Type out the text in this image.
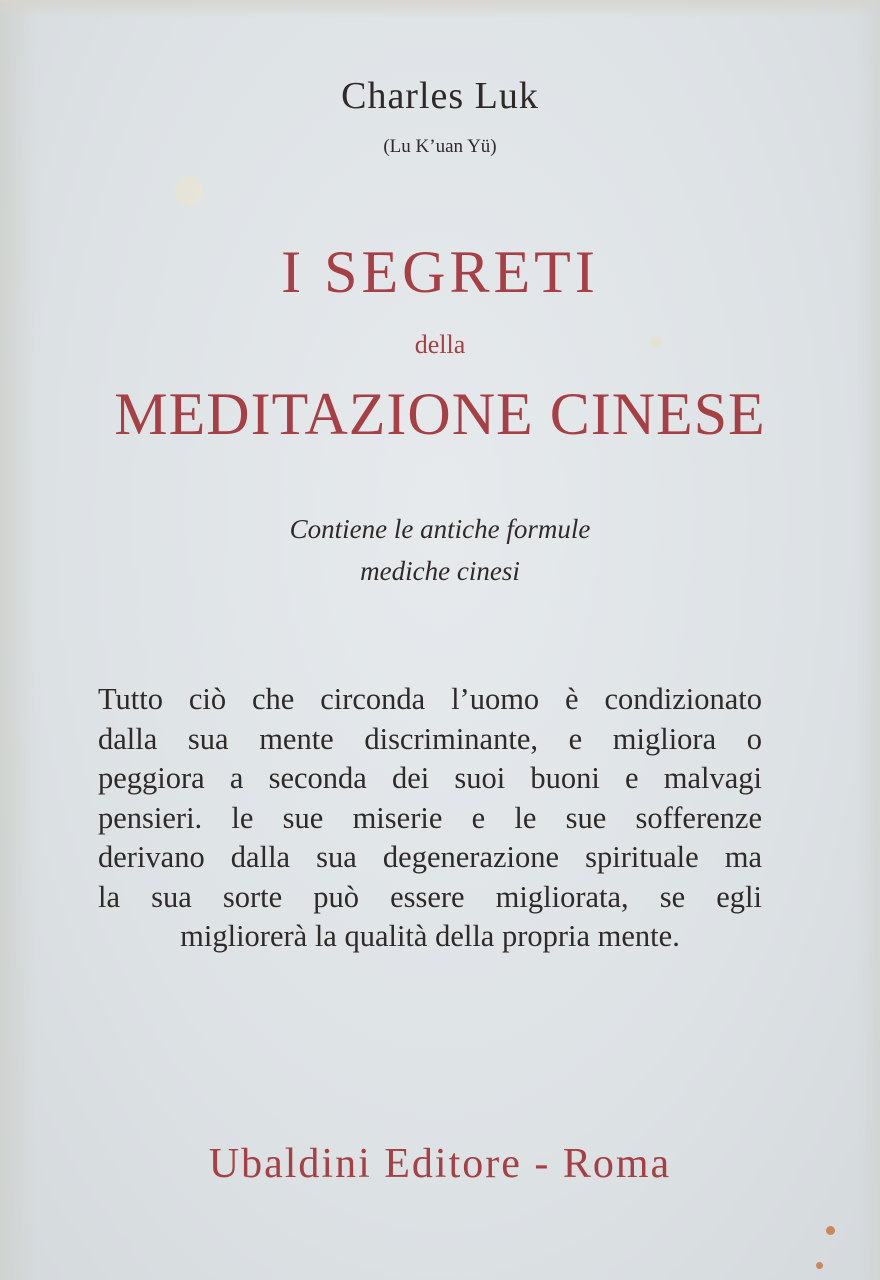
Charles Luk

(Lu K’uan Yü)

I SEGRETI

della

MEDITAZIONE CINESE

Contiene le antiche formule
mediche cinesi

Tutto ciò che circonda l’uomo è condizionato
dalla sua mente discriminante, e migliora o
peggiora a seconda dei suoi buoni e malvagi
pensieri. le sue miserie e le sue sofferenze
derivano dalla sua degenerazione spirituale ma
la sua sorte può essere migliorata, se egli
migliorerà la qualità della propria mente.

Ubaldini Editore - Roma
